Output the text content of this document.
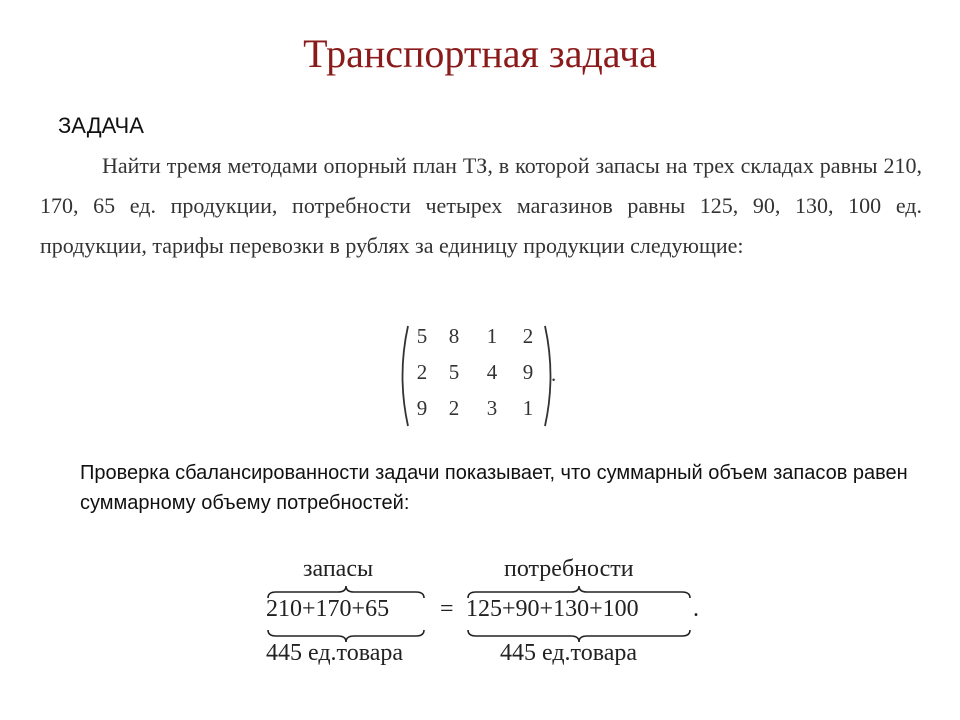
Транспортная задача
ЗАДАЧА
Найти тремя методами опорный план ТЗ, в которой запасы на трех складах равны 210, 170, 65 ед. продукции, потребности четырех магазинов равны 125, 90, 130, 100 ед. продукции, тарифы перевозки в рублях за единицу продукции следующие:
5	8	1	2
2	5	4	9
9	2	3	1
.
Проверка сбалансированности задачи показывает, что суммарный объем запасов равен суммарному объему потребностей:
запасы
210+170+65
445 ед.товара
=
потребности
125+90+130+100 .
445 ед.товара
